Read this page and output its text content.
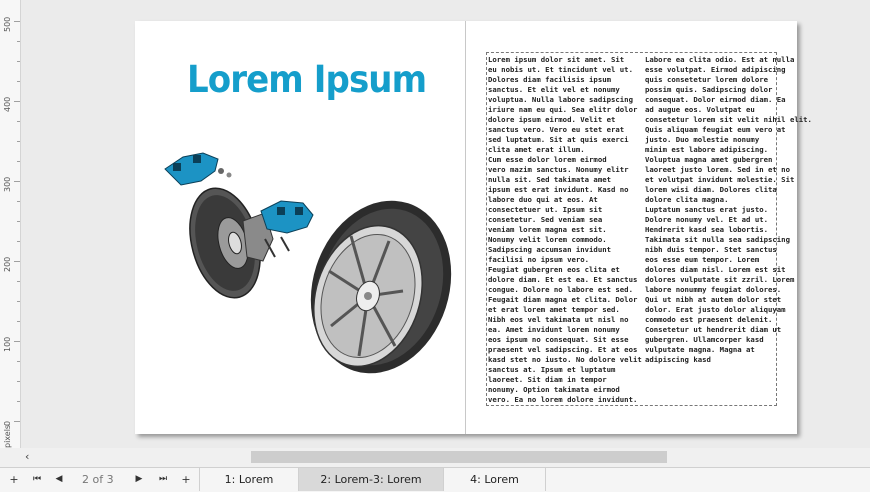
500
400
300
200
100
0
pixels
Lorem Ipsum	Lorem ipsum dolor sit amet. Sit
eu nobis ut. Et tincidunt vel ut.
Dolores diam facilisis ipsum
sanctus. Et elit vel et nonumy
voluptua. Nulla labore sadipscing
iriure nam eu qui. Sea elitr dolor
dolore ipsum eirmod. Velit et
sanctus vero. Vero eu stet erat
sed luptatum. Sit at quis exerci
clita amet erat illum.
Cum esse dolor lorem eirmod
vero mazim sanctus. Nonumy elitr
nulla sit. Sed takimata amet
ipsum est erat invidunt. Kasd no
labore duo qui at eos. At
consectetuer ut. Ipsum sit
consetetur. Sed veniam sea
veniam lorem magna est sit.
Nonumy velit lorem commodo.
Sadipscing accumsan invidunt
facilisi no ipsum vero.
Feugiat gubergren eos clita et
dolore diam. Et est ea. Et sanctus
congue. Dolore no labore est sed.
Feugait diam magna et clita. Dolor
et erat lorem amet tempor sed.
Nibh eos vel takimata ut nisl no
ea. Amet invidunt lorem nonumy
eos ipsum no consequat. Sit esse
praesent vel sadipscing. Et at eos
kasd stet no iusto. No dolore velit
sanctus at. Ipsum et luptatum
laoreet. Sit diam in tempor
nonumy. Option takimata eirmod
vero. Ea no lorem dolore invidunt.
Labore ea clita odio. Est at nulla
esse volutpat. Eirmod adipiscing
quis consetetur lorem dolore
possim quis. Sadipscing dolor
consequat. Dolor eirmod diam. Ea
ad augue eos. Volutpat eu
consetetur lorem sit velit nihil elit.
Quis aliquam feugiat eum vero at
justo. Duo molestie nonumy
minim est labore adipiscing.
Voluptua magna amet gubergren
laoreet justo lorem. Sed in et no
et volutpat invidunt molestie. Sit
lorem wisi diam. Dolores clita
dolore clita magna.
Luptatum sanctus erat justo.
Dolore nonumy vel. Et ad ut.
Hendrerit kasd sea lobortis.
Takimata sit nulla sea sadipscing
nibh duis tempor. Stet sanctus
eos esse eum tempor. Lorem
dolores diam nisl. Lorem est sit
dolores vulputate sit zzril. Lorem
labore nonummy feugiat dolores.
Qui ut nibh at autem dolor stet
dolor. Erat justo dolor aliquyam
commodo est praesent delenit.
Consetetur ut hendrerit diam ut
gubergren. Ullamcorper kasd
vulputate magna. Magna at
adipiscing kasd
‹
+	⏮	◀	2 of 3	▶	⏭	+	1: Lorem	2: Lorem-3: Lorem	4: Lorem
